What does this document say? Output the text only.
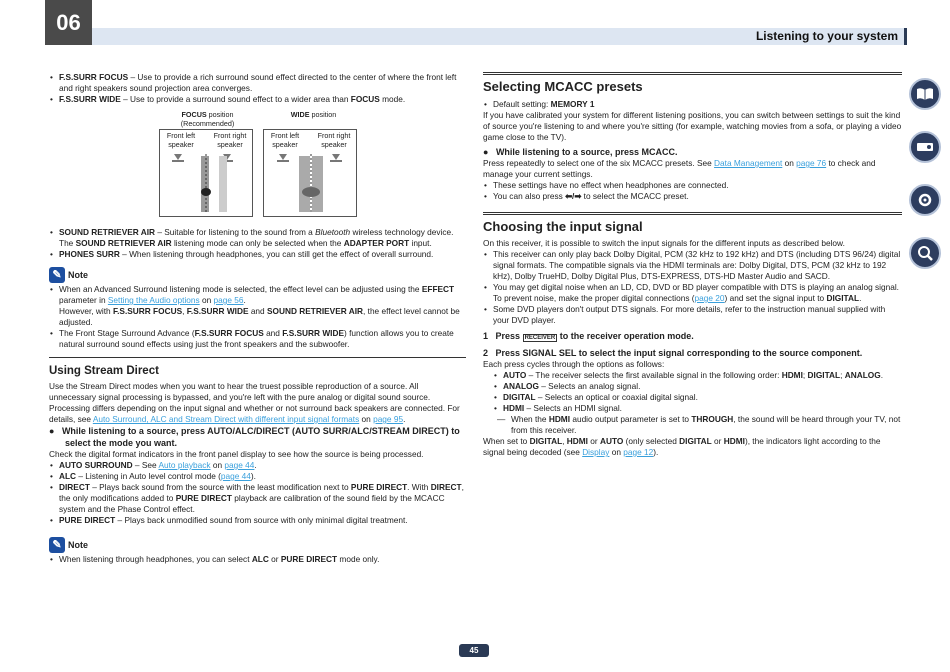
06
Listening to your system

• F.S.SURR FOCUS – Use to provide a rich surround sound effect directed to the center of where the front left and right speakers sound projection area converges.

• F.S.SURR WIDE – Use to provide a surround sound effect to a wider area than FOCUS mode.

FOCUS position
(Recommended)
WIDE position
Front left
speaker
Front right
speaker
Front left
speaker
Front right
speaker

• SOUND RETRIEVER AIR – Suitable for listening to the sound from a Bluetooth wireless technology device. The SOUND RETRIEVER AIR listening mode can only be selected when the ADAPTER PORT input.

• PHONES SURR – When listening through headphones, you can still get the effect of overall surround.

✎ Note

• When an Advanced Surround listening mode is selected, the effect level can be adjusted using the EFFECT parameter in Setting the Audio options on page 56.
However, with F.S.SURR FOCUS, F.S.SURR WIDE and SOUND RETRIEVER AIR, the effect level cannot be adjusted.

• The Front Stage Surround Advance (F.S.SURR FOCUS and F.S.SURR WIDE) function allows you to create natural surround sound effects using just the front speakers and the subwoofer.

Using Stream Direct

Use the Stream Direct modes when you want to hear the truest possible reproduction of a source. All unnecessary signal processing is bypassed, and you're left with the pure analog or digital sound source.

Processing differs depending on the input signal and whether or not surround back speakers are connected. For details, see Auto Surround, ALC and Stream Direct with different input signal formats on page 95.

●   While listening to a source, press AUTO/ALC/DIRECT (AUTO SURR/ALC/STREAM DIRECT) to select the mode you want.

Check the digital format indicators in the front panel display to see how the source is being processed.

• AUTO SURROUND – See Auto playback on page 44.

• ALC – Listening in Auto level control mode (page 44).

• DIRECT – Plays back sound from the source with the least modification next to PURE DIRECT. With DIRECT, the only modifications added to PURE DIRECT playback are calibration of the sound field by the MCACC system and the Phase Control effect.

• PURE DIRECT – Plays back unmodified sound from source with only minimal digital treatment.

✎ Note

• When listening through headphones, you can select ALC or PURE DIRECT mode only.

Selecting MCACC presets

• Default setting: MEMORY 1

If you have calibrated your system for different listening positions, you can switch between settings to suit the kind of source you're listening to and where you're sitting (for example, watching movies from a sofa, or playing a video game close to the TV).

●   While listening to a source, press MCACC.

Press repeatedly to select one of the six MCACC presets. See Data Management on page 76 to check and manage your current settings.

• These settings have no effect when headphones are connected.

• You can also press ⬅/➡ to select the MCACC preset.

Choosing the input signal

On this receiver, it is possible to switch the input signals for the different inputs as described below.

• This receiver can only play back Dolby Digital, PCM (32 kHz to 192 kHz) and DTS (including DTS 96/24) digital signal formats. The compatible signals via the HDMI terminals are: Dolby Digital, DTS, PCM (32 kHz to 192 kHz), Dolby TrueHD, Dolby Digital Plus, DTS-EXPRESS, DTS-HD Master Audio and SACD.

• You may get digital noise when an LD, CD, DVD or BD player compatible with DTS is playing an analog signal. To prevent noise, make the proper digital connections (page 20) and set the signal input to DIGITAL.

• Some DVD players don't output DTS signals. For more details, refer to the instruction manual supplied with your DVD player.

1 Press RECEIVER to the receiver operation mode.

2 Press SIGNAL SEL to select the input signal corresponding to the source component.

Each press cycles through the options as follows:

• AUTO – The receiver selects the first available signal in the following order: HDMI; DIGITAL; ANALOG.

• ANALOG – Selects an analog signal.

• DIGITAL – Selects an optical or coaxial digital signal.

• HDMI – Selects an HDMI signal.

— When the HDMI audio output parameter is set to THROUGH, the sound will be heard through your TV, not from this receiver.

When set to DIGITAL, HDMI or AUTO (only selected DIGITAL or HDMI), the indicators light according to the signal being decoded (see Display on page 12).

45
